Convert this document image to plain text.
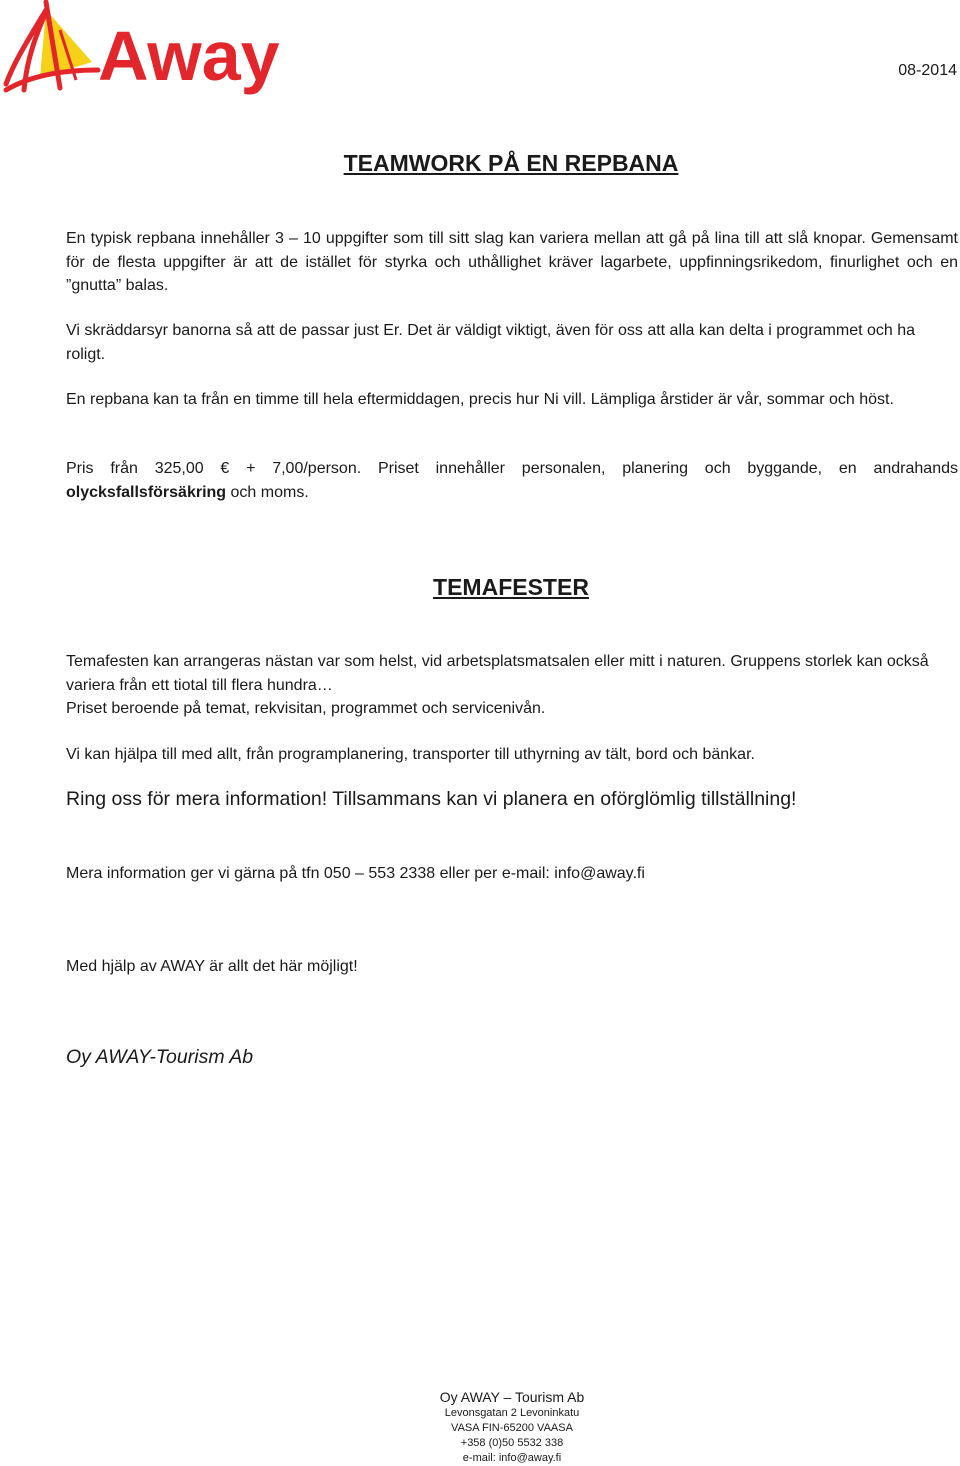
Away	08-2014
TEAMWORK PÅ EN REPBANA

En typisk repbana innehåller 3 – 10 uppgifter som till sitt slag kan variera mellan att gå på lina till att slå knopar. Gemensamt för de flesta uppgifter är att de istället för styrka och uthållighet kräver lagarbete, uppfinningsrikedom, finurlighet och en ”gnutta” balas.

Vi skräddarsyr banorna så att de passar just Er. Det är väldigt viktigt, även för oss att alla kan delta i programmet och ha roligt.

En repbana kan ta från en timme till hela eftermiddagen, precis hur Ni vill. Lämpliga årstider är vår, sommar och höst.

Pris från 325,00 € + 7,00/person. Priset innehåller personalen, planering och byggande, en andrahands olycksfallsförsäkring och moms.

TEMAFESTER

Temafesten kan arrangeras nästan var som helst, vid arbetsplatsmatsalen eller mitt i naturen. Gruppens storlek kan också variera från ett tiotal till flera hundra…

Priset beroende på temat, rekvisitan, programmet och servicenivån.

Vi kan hjälpa till med allt, från programplanering, transporter till uthyrning av tält, bord och bänkar.

Ring oss för mera information! Tillsammans kan vi planera en oförglömlig tillställning!

Mera information ger vi gärna på tfn 050 – 553 2338 eller per e-mail: info@away.fi

Med hjälp av AWAY är allt det här möjligt!

Oy AWAY-Tourism Ab

Oy AWAY – Tourism Ab
Levonsgatan 2 Levoninkatu
VASA FIN-65200 VAASA
+358 (0)50 5532 338
e-mail: info@away.fi
